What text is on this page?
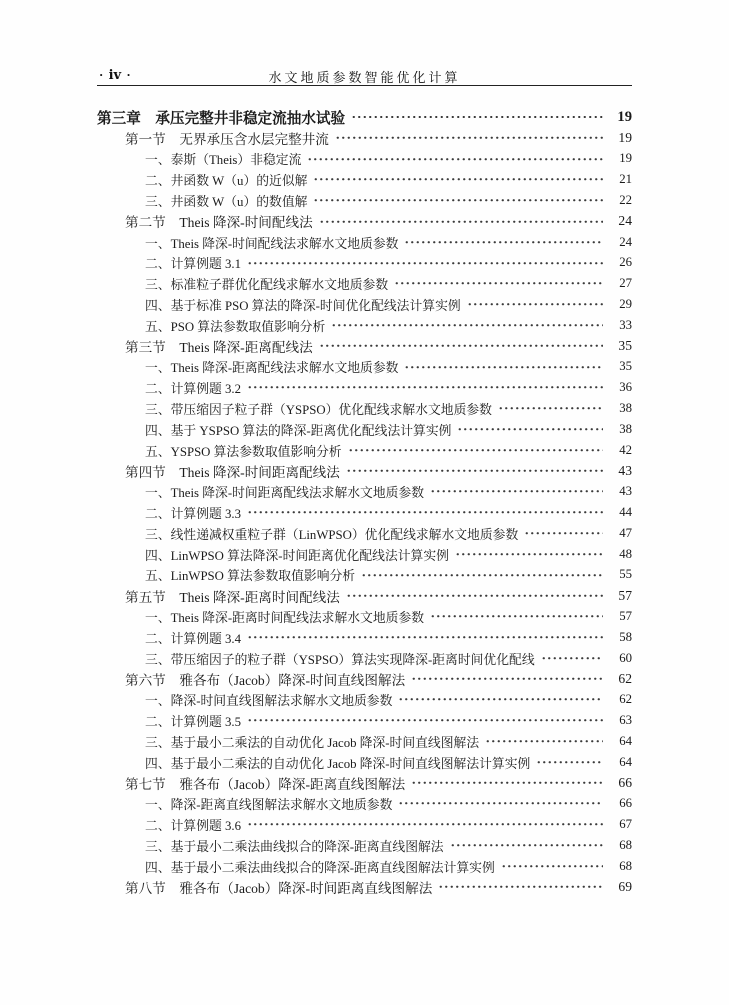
· ⅳ ·	水文地质参数智能优化计算
第三章　承压完整井非稳定流抽水试验	19
第一节　无界承压含水层完整井流	19
一、泰斯（Theis）非稳定流	19
二、井函数 W（u）的近似解	21
三、井函数 W（u）的数值解	22
第二节　Theis 降深-时间配线法	24
一、Theis 降深-时间配线法求解水文地质参数	24
二、计算例题 3.1	26
三、标准粒子群优化配线求解水文地质参数	27
四、基于标准 PSO 算法的降深-时间优化配线法计算实例	29
五、PSO 算法参数取值影响分析	33
第三节　Theis 降深-距离配线法	35
一、Theis 降深-距离配线法求解水文地质参数	35
二、计算例题 3.2	36
三、带压缩因子粒子群（YSPSO）优化配线求解水文地质参数	38
四、基于 YSPSO 算法的降深-距离优化配线法计算实例	38
五、YSPSO 算法参数取值影响分析	42
第四节　Theis 降深-时间距离配线法	43
一、Theis 降深-时间距离配线法求解水文地质参数	43
二、计算例题 3.3	44
三、线性递减权重粒子群（LinWPSO）优化配线求解水文地质参数	47
四、LinWPSO 算法降深-时间距离优化配线法计算实例	48
五、LinWPSO 算法参数取值影响分析	55
第五节　Theis 降深-距离时间配线法	57
一、Theis 降深-距离时间配线法求解水文地质参数	57
二、计算例题 3.4	58
三、带压缩因子的粒子群（YSPSO）算法实现降深-距离时间优化配线	60
第六节　雅各布（Jacob）降深-时间直线图解法	62
一、降深-时间直线图解法求解水文地质参数	62
二、计算例题 3.5	63
三、基于最小二乘法的自动优化 Jacob 降深-时间直线图解法	64
四、基于最小二乘法的自动优化 Jacob 降深-时间直线图解法计算实例	64
第七节　雅各布（Jacob）降深-距离直线图解法	66
一、降深-距离直线图解法求解水文地质参数	66
二、计算例题 3.6	67
三、基于最小二乘法曲线拟合的降深-距离直线图解法	68
四、基于最小二乘法曲线拟合的降深-距离直线图解法计算实例	68
第八节　雅各布（Jacob）降深-时间距离直线图解法	69
